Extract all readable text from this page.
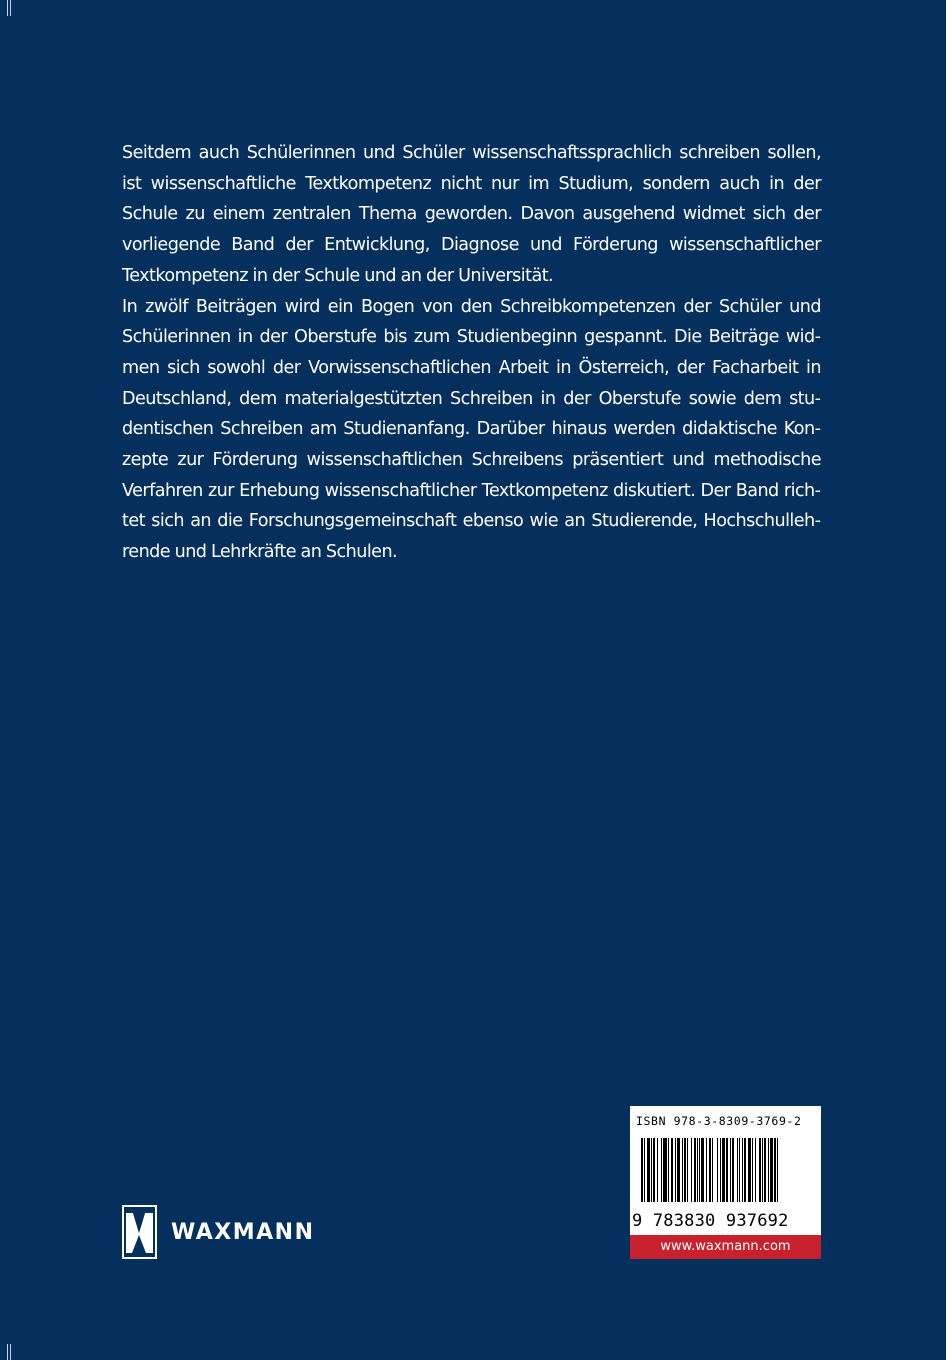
Seitdem auch Schülerinnen und Schüler wissenschaftssprachlich schreiben sollen, ist wissenschaftliche Textkompetenz nicht nur im Studium, sondern auch in der Schule zu einem zentralen Thema geworden. Davon ausgehend widmet sich der vorliegende Band der Entwicklung, Diagnose und Förderung wissenschaftlicher Textkompetenz in der Schule und an der Universität.

In zwölf Beiträgen wird ein Bogen von den Schreibkompetenzen der Schüler und Schülerinnen in der Oberstufe bis zum Studienbeginn gespannt. Die Beiträge widmen sich sowohl der Vorwissenschaftlichen Arbeit in Österreich, der Facharbeit in Deutschland, dem materialgestützten Schreiben in der Oberstufe sowie dem studentischen Schreiben am Studienanfang. Darüber hinaus werden didaktische Konzepte zur Förderung wissenschaftlichen Schreibens präsentiert und methodische Verfahren zur Erhebung wissenschaftlicher Textkompetenz diskutiert. Der Band richtet sich an die Forschungsgemeinschaft ebenso wie an Studierende, Hochschullehrende und Lehrkräfte an Schulen.

WAXMANN
ISBN 978-3-8309-3769-2
9 783830 937692
www.waxmann.com
